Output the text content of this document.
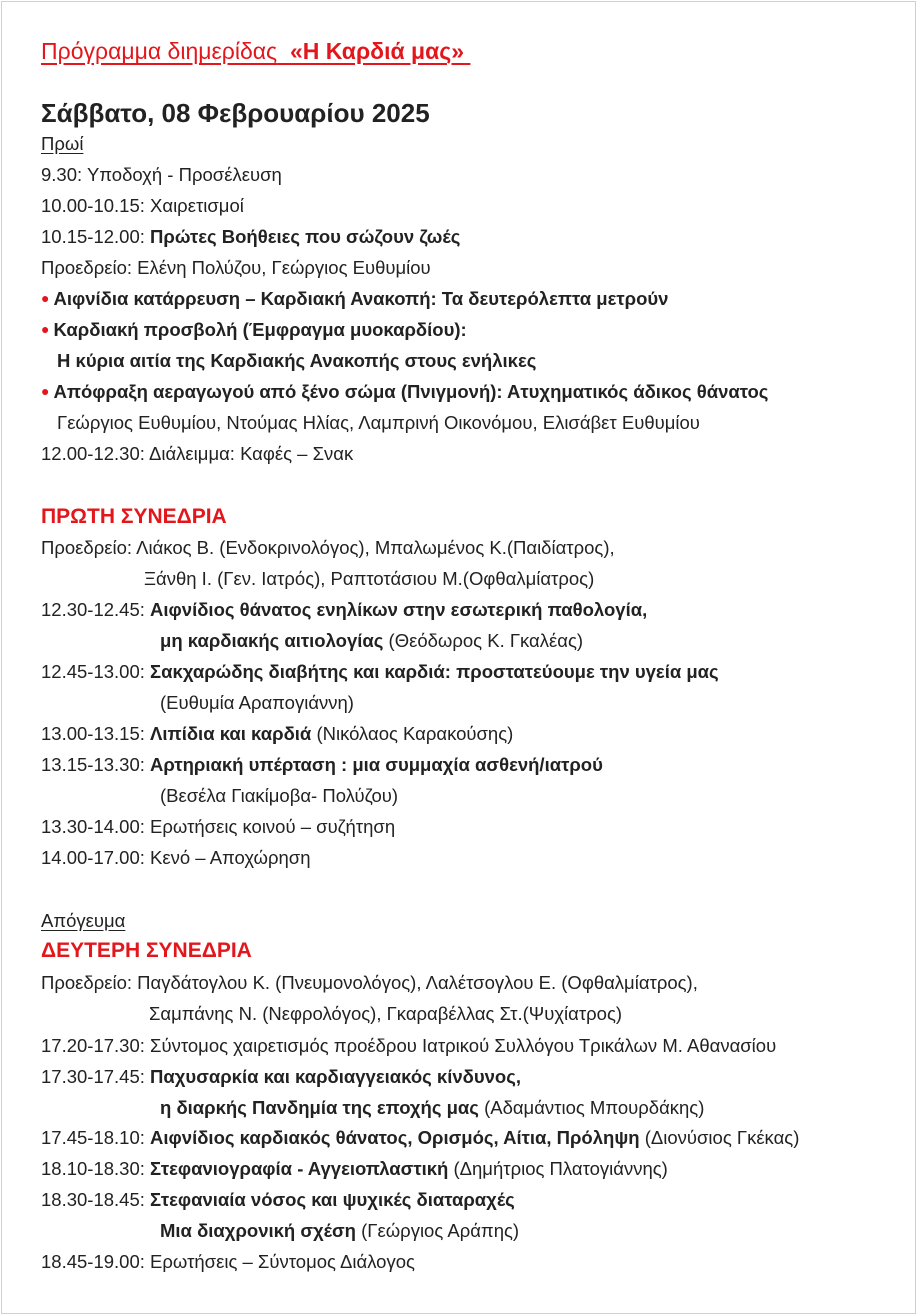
Πρόγραμμα διημερίδας «Η Καρδιά μας»
Σάββατο, 08 Φεβρουαρίου 2025
Πρωί
9.30: Υποδοχή - Προσέλευση
10.00-10.15: Χαιρετισμοί
10.15-12.00: Πρώτες Βοήθειες που σώζουν ζωές
Προεδρείο: Ελένη Πολύζου, Γεώργιος Ευθυμίου
● Αιφνίδια κατάρρευση – Καρδιακή Ανακοπή: Τα δευτερόλεπτα μετρούν
● Καρδιακή προσβολή (Έμφραγμα μυοκαρδίου):
Η κύρια αιτία της Καρδιακής Ανακοπής στους ενήλικες
● Απόφραξη αεραγωγού από ξένο σώμα (Πνιγμονή): Ατυχηματικός άδικος θάνατος
Γεώργιος Ευθυμίου, Ντούμας Ηλίας, Λαμπρινή Οικονόμου, Ελισάβετ Ευθυμίου
12.00-12.30: Διάλειμμα: Καφές – Σνακ
ΠΡΩΤΗ ΣΥΝΕΔΡΙΑ
Προεδρείο: Λιάκος Β. (Ενδοκρινολόγος), Μπαλωμένος Κ.(Παιδίατρος),
Ξάνθη Ι. (Γεν. Ιατρός), Ραπτοτάσιου Μ.(Οφθαλμίατρος)
12.30-12.45: Αιφνίδιος θάνατος ενηλίκων στην εσωτερική παθολογία,
μη καρδιακής αιτιολογίας (Θεόδωρος Κ. Γκαλέας)
12.45-13.00: Σακχαρώδης διαβήτης και καρδιά: προστατεύουμε την υγεία μας
(Ευθυμία Αραπογιάννη)
13.00-13.15: Λιπίδια και καρδιά (Νικόλαος Καρακούσης)
13.15-13.30: Αρτηριακή υπέρταση : μια συμμαχία ασθενή/ιατρού
(Βεσέλα Γιακίμοβα- Πολύζου)
13.30-14.00: Ερωτήσεις κοινού – συζήτηση
14.00-17.00: Κενό – Αποχώρηση
Απόγευμα
ΔΕΥΤΕΡΗ ΣΥΝΕΔΡΙΑ
Προεδρείο: Παγδάτογλου Κ. (Πνευμονολόγος), Λαλέτσογλου Ε. (Οφθαλμίατρος),
Σαμπάνης Ν. (Νεφρολόγος), Γκαραβέλλας Στ.(Ψυχίατρος)
17.20-17.30: Σύντομος χαιρετισμός προέδρου Ιατρικού Συλλόγου Τρικάλων Μ. Αθανασίου
17.30-17.45: Παχυσαρκία και καρδιαγγειακός κίνδυνος,
η διαρκής Πανδημία της εποχής μας (Αδαμάντιος Μπουρδάκης)
17.45-18.10: Αιφνίδιος καρδιακός θάνατος, Ορισμός, Αίτια, Πρόληψη (Διονύσιος Γκέκας)
18.10-18.30: Στεφανιογραφία - Αγγειοπλαστική (Δημήτριος Πλατογιάννης)
18.30-18.45: Στεφανιαία νόσος και ψυχικές διαταραχές
Μια διαχρονική σχέση (Γεώργιος Αράπης)
18.45-19.00: Ερωτήσεις – Σύντομος Διάλογος
